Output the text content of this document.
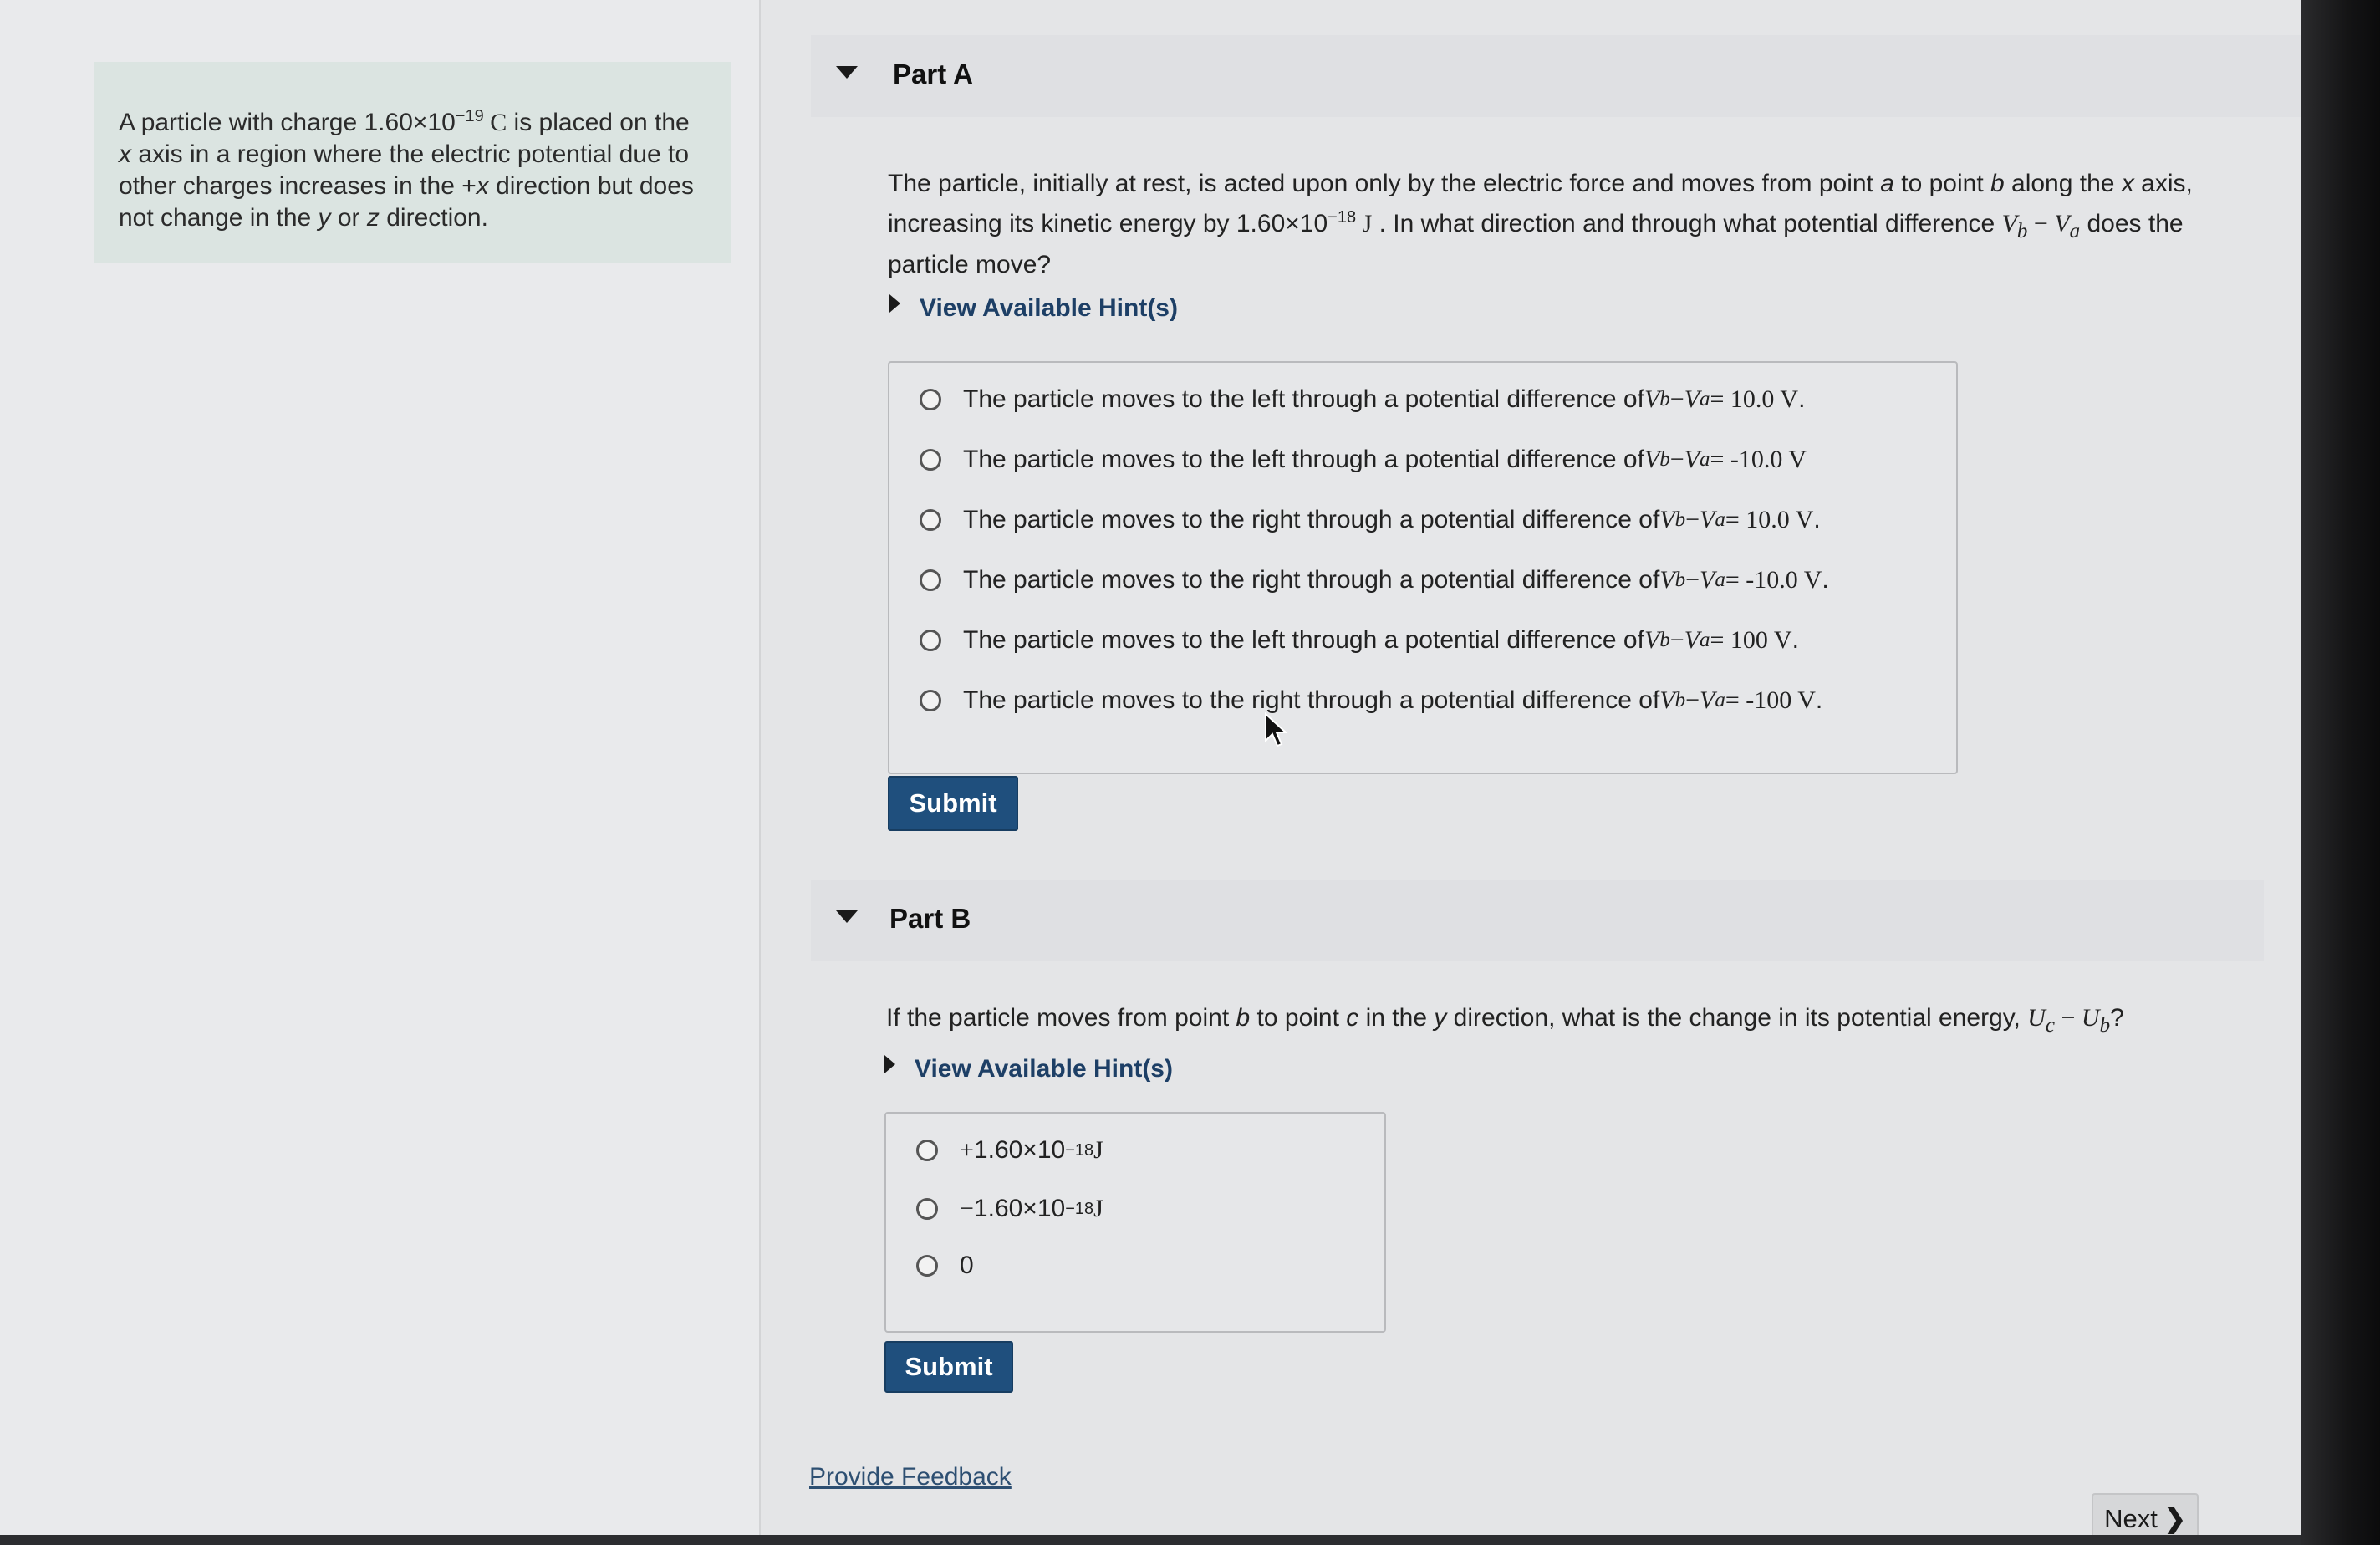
A particle with charge $1.60\times 10^{-19}$ C is placed on the x axis in a region where the electric potential due to other charges increases in the +x direction but does not change in the y or z direction.
Part A
The particle, initially at rest, is acted upon only by the electric force and moves from point a to point b along the x axis, increasing its kinetic energy by $1.60\times 10^{-18}$ J . In what direction and through what potential difference $V_b - V_a$ does the particle move?
View Available Hint(s)
The particle moves to the left through a potential difference of V b − V a = 10.0 V .
The particle moves to the left through a potential difference of V b − V a = -10.0 V
The particle moves to the right through a potential difference of V b − V a = 10.0 V .
The particle moves to the right through a potential difference of V b − V a = -10.0 V .
The particle moves to the left through a potential difference of V b − V a = 100 V .
The particle moves to the right through a potential difference of V b − V a = -100 V .
Submit
Part B
If the particle moves from point b to point c in the y direction, what is the change in its potential energy, $U_c - U_b$?
View Available Hint(s)
+ 1.60×10 −18 J
− 1.60×10 −18 J
0
Submit
Provide Feedback
Next ❯
